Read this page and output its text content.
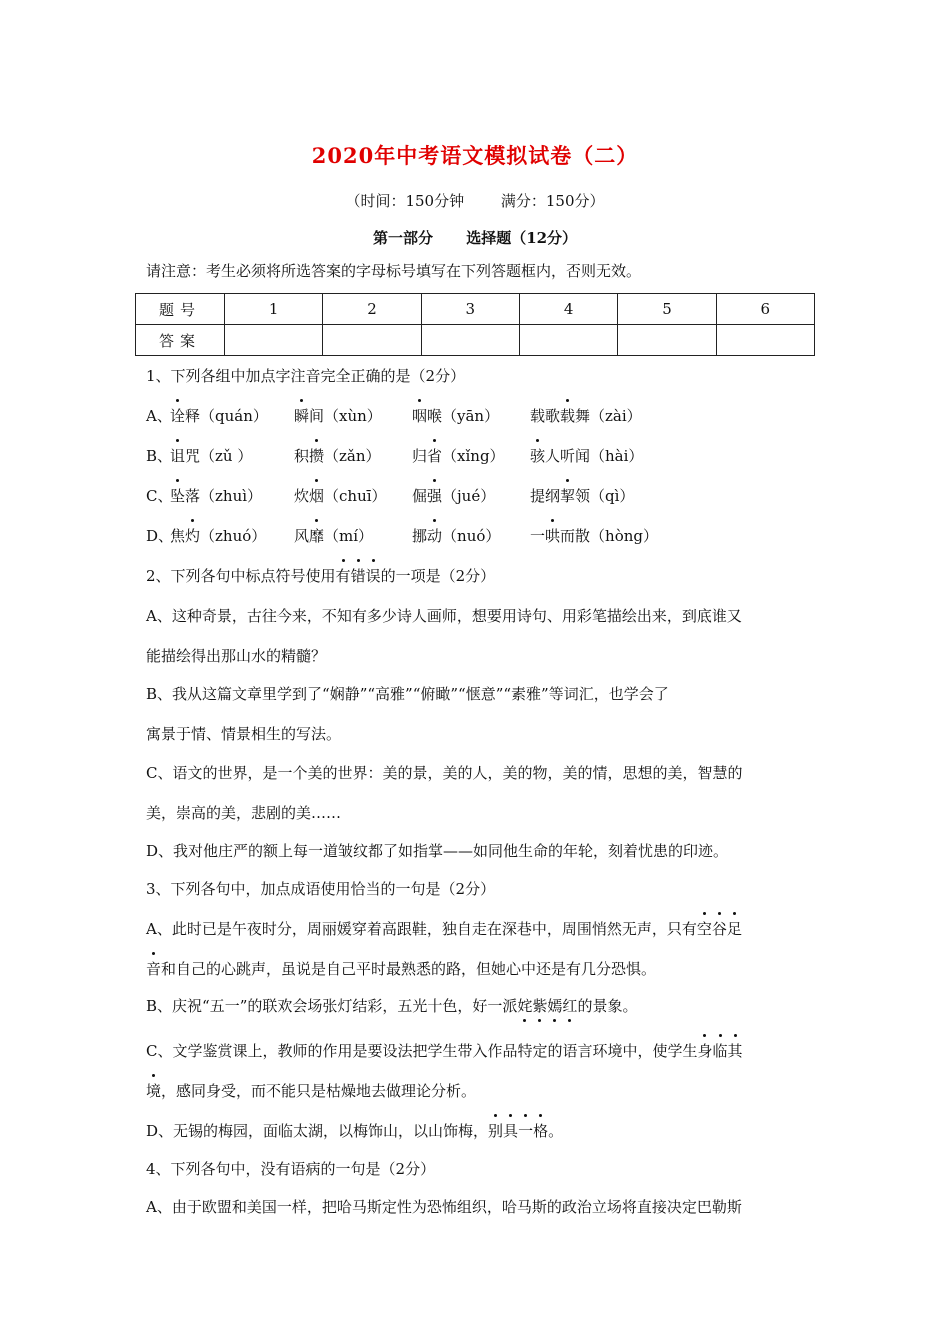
2020年中考语文模拟试卷（二）
（时间：150分钟 满分：150分）
第一部分 选择题（12分）
请注意：考生必须将所选答案的字母标号填写在下列答题框内，否则无效。
题号	1	2	3	4	5	6
答案						
1、下列各组中加点字注音完全正确的是（2分）
A、
诠释（quán） 瞬间（xùn） 咽喉（yān） 载歌载舞（zài）
B、
诅咒（zǔ ）	积攒（zǎn） 归省（xǐng） 骇人听闻（hài）
C、
坠落（zhuì） 炊烟（chuī） 倔强（jué） 提纲挈领（qì）
D、
焦灼（zhuó） 风靡（mí）	挪动（nuó） 一哄而散（hòng）
2、下列各句中标点符号使用有错误的一项是（2分）
A、这种奇景，古往今来，不知有多少诗人画师，想要用诗句、用彩笔描绘出来，到底谁又
能描绘得出那山水的精髓？
B、我从这篇文章里学到了“娴静”“高雅”“俯瞰”“惬意”“素雅”等词汇，也学会了
寓景于情、情景相生的写法。
C、语文的世界，是一个美的世界：美的景，美的人，美的物，美的情，思想的美，智慧的
美，崇高的美，悲剧的美……
D、我对他庄严的额上每一道皱纹都了如指掌——如同他生命的年轮，刻着忧患的印迹。
3、下列各句中，加点成语使用恰当的一句是（2分）
A、此时已是午夜时分，周丽媛穿着高跟鞋，独自走在深巷中，周围悄然无声，只有空谷足
音和自己的心跳声，虽说是自己平时最熟悉的路，但她心中还是有几分恐惧。
B、庆祝“五一”的联欢会场张灯结彩，五光十色，好一派姹紫嫣红的景象。
C、文学鉴赏课上，教师的作用是要设法把学生带入作品特定的语言环境中，使学生身临其
境，感同身受，而不能只是枯燥地去做理论分析。
D、无锡的梅园，面临太湖，以梅饰山，以山饰梅，别具一格。
4、下列各句中，没有语病的一句是（2分）
A、由于欧盟和美国一样，把哈马斯定性为恐怖组织，哈马斯的政治立场将直接决定巴勒斯
